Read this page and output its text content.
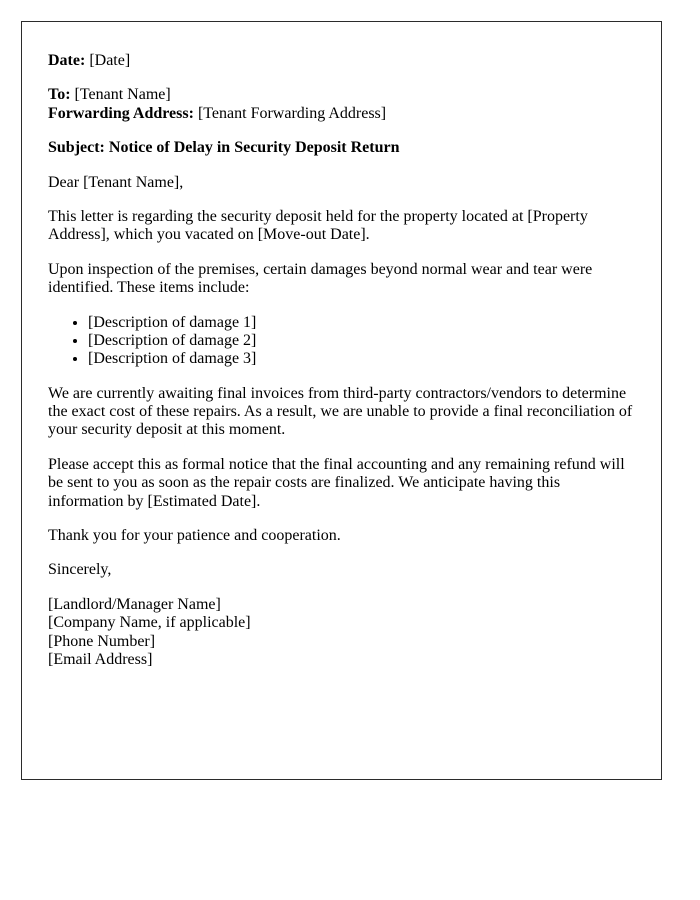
Date: [Date]

To: [Tenant Name]
Forwarding Address: [Tenant Forwarding Address]

Subject: Notice of Delay in Security Deposit Return

Dear [Tenant Name],

This letter is regarding the security deposit held for the property located at [Property Address], which you vacated on [Move-out Date].

Upon inspection of the premises, certain damages beyond normal wear and tear were identified. These items include:

• [Description of damage 1]
• [Description of damage 2]
• [Description of damage 3]

We are currently awaiting final invoices from third-party contractors/vendors to determine the exact cost of these repairs. As a result, we are unable to provide a final reconciliation of your security deposit at this moment.

Please accept this as formal notice that the final accounting and any remaining refund will be sent to you as soon as the repair costs are finalized. We anticipate having this information by [Estimated Date].

Thank you for your patience and cooperation.

Sincerely,

[Landlord/Manager Name]
[Company Name, if applicable]
[Phone Number]
[Email Address]
